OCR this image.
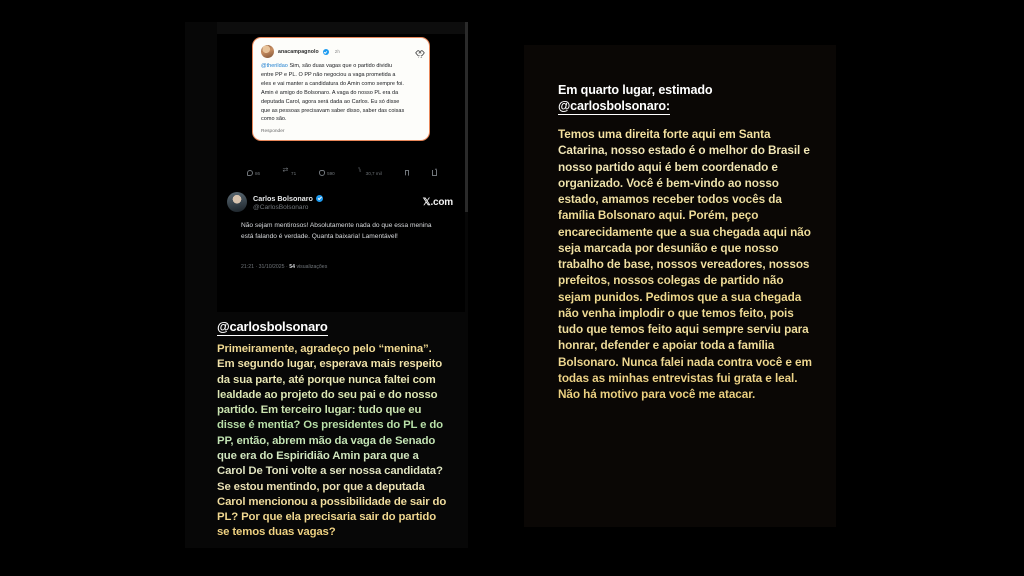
anacampagnolo	2h
@therildao Sim, são duas vagas que o partido dividiu entre PP e PL. O PP não negociou a vaga prometida a eles e vai manter a candidatura do Amin como sempre foi. Amin é amigo do Bolsonaro. A vaga do nosso PL era da deputada Carol, agora será dada ao Carlos. Eu só disse que as pessoas precisavam saber disso, saber das coisas como são.
Responder
71
86 ⇄	71	590 ⑊	30,7 mil
Carlos Bolsonaro
@CarlosBolsonaro	𝕏.com
Não sejam mentirosos! Absolutamente nada do que essa menina está falando é verdade. Quanta baixaria! Lamentável!
21:21 · 31/10/2025 · 54 visualizações
@carlosbolsonaro
Primeiramente, agradeço pelo “menina”. Em segundo lugar, esperava mais respeito da sua parte, até porque nunca faltei com lealdade ao projeto do seu pai e do nosso partido. Em terceiro lugar: tudo que eu disse é mentia? Os presidentes do PL e do PP, então, abrem mão da vaga de Senado que era do Espiridião Amin para que a Carol De Toni volte a ser nossa candidata? Se estou mentindo, por que a deputada Carol mencionou a possibilidade de sair do PL? Por que ela precisaria sair do partido se temos duas vagas?
Em quarto lugar, estimado
@carlosbolsonaro:
Temos uma direita forte aqui em Santa Catarina, nosso estado é o melhor do Brasil e nosso partido aqui é bem coordenado e organizado. Você é bem-vindo ao nosso estado, amamos receber todos vocês da família Bolsonaro aqui. Porém, peço encarecidamente que a sua chegada aqui não seja marcada por desunião e que nosso trabalho de base, nossos vereadores, nossos prefeitos, nossos colegas de partido não sejam punidos. Pedimos que a sua chegada não venha implodir o que temos feito, pois tudo que temos feito aqui sempre serviu para honrar, defender e apoiar toda a família Bolsonaro. Nunca falei nada contra você e em todas as minhas entrevistas fui grata e leal. Não há motivo para você me atacar.
